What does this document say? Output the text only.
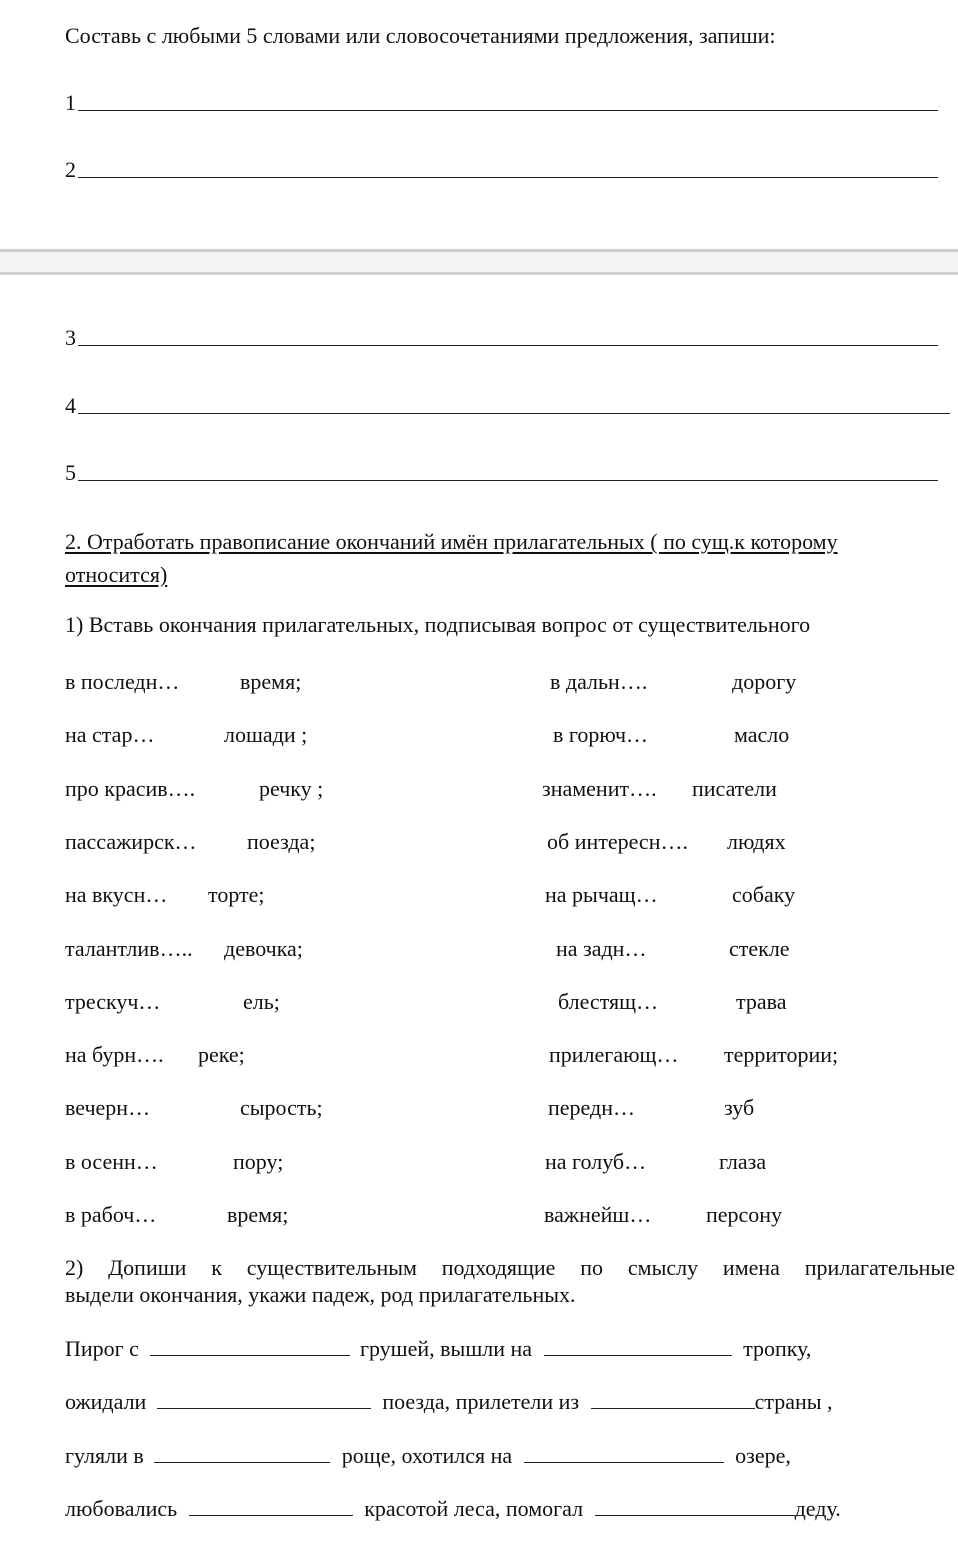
Составь с любыми 5 словами или словосочетаниями предложения, запиши:
1
2
3
4
5
2. Отработать правописание окончаний имён прилагательных ( по сущ.к которому
относится)
1) Вставь окончания прилагательных, подписывая вопрос от существительного
в последн…	время;	в дальн….	дорогу
на стар…	лошади ;	в горюч…	масло
про красив….	речку ;	знаменит…. писатели
пассажирск… поезда;	об интересн…. людях
на вкусн… торте;	на рычащ…	собаку
талантлив….. девочка;	на задн…	стекле
трескуч…	ель;	блестящ…	трава
на бурн…. реке;	прилегающ… территории;
вечерн…	сырость;	передн…	зуб
в осенн…	пору;	на голуб…	глаза
в рабоч…	время;	важнейш… персону
2) Допиши к существительным подходящие по смыслу имена прилагательные
выдели окончания, укажи падеж, род прилагательных.
Пирог с	грушей, вышли на	тропку,
ожидали	поезда, прилетели из	страны ,
гуляли в	роще, охотился на	озере,
любовались	красотой леса, помогал	деду.
